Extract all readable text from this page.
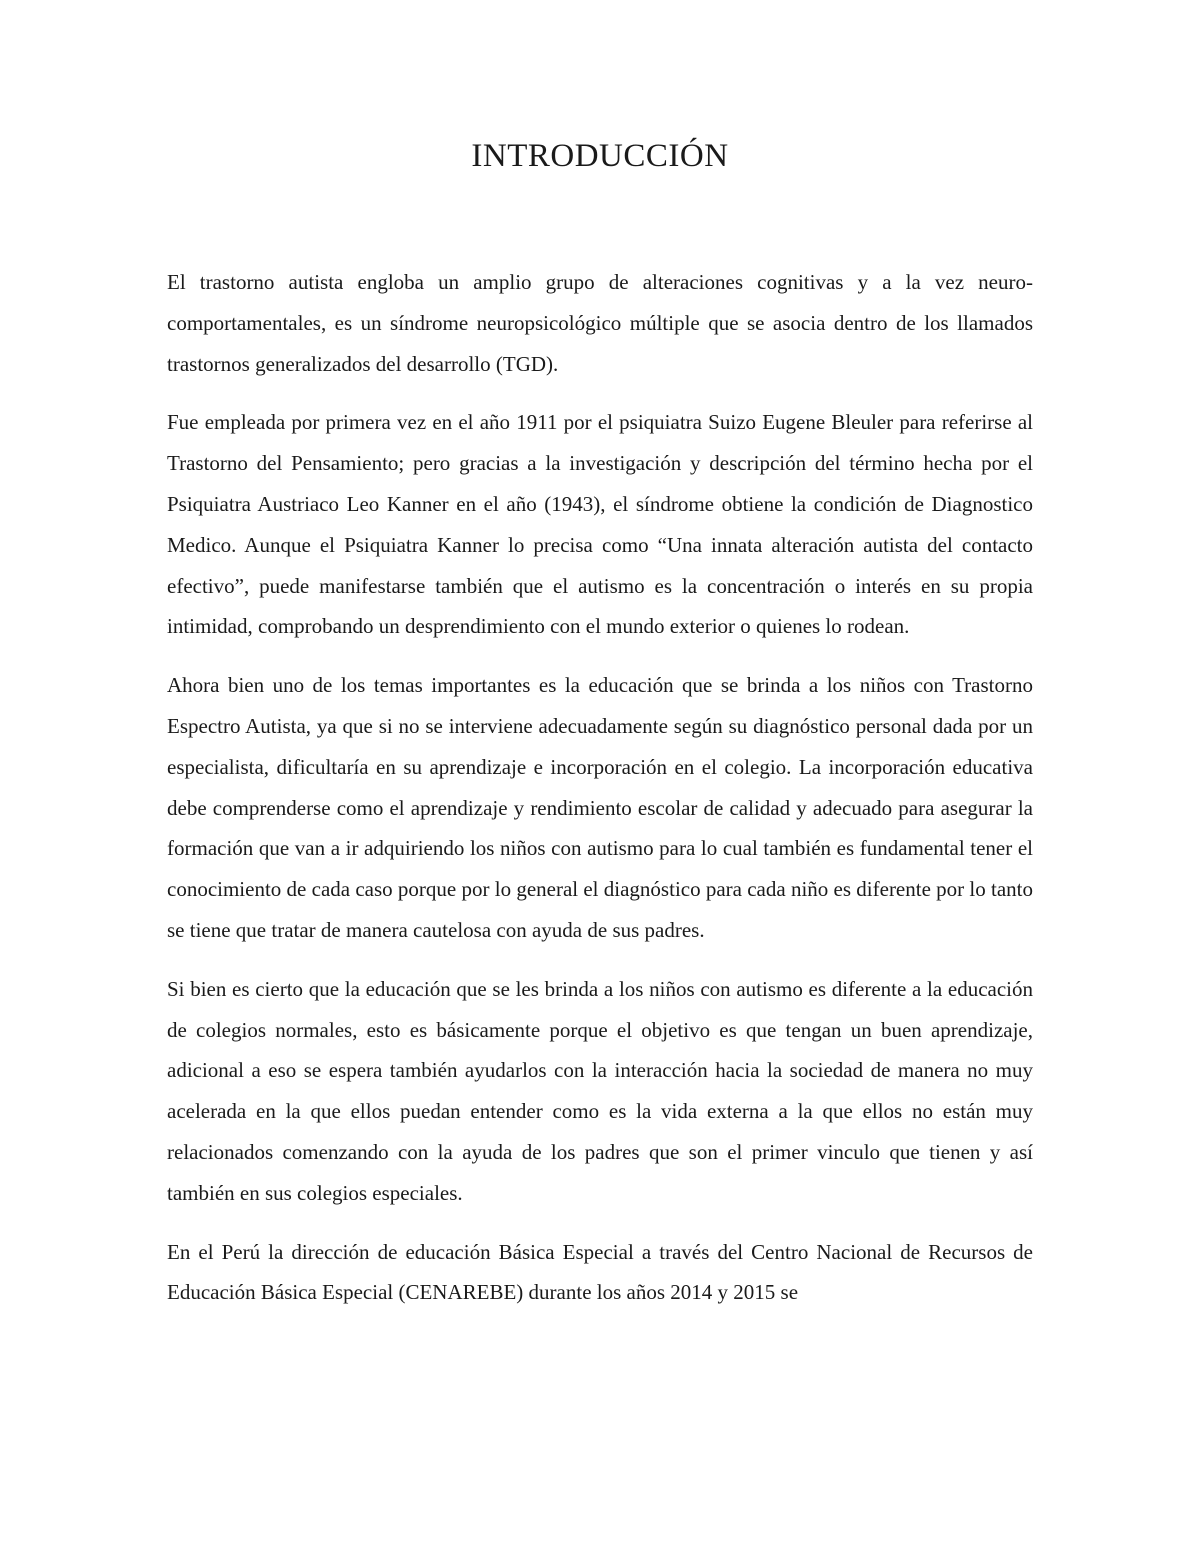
INTRODUCCIÓN

El trastorno autista engloba un amplio grupo de alteraciones cognitivas y a la vez neuro-comportamentales, es un síndrome neuropsicológico múltiple que se asocia dentro de los llamados trastornos generalizados del desarrollo (TGD).

Fue empleada por primera vez en el año 1911 por el psiquiatra Suizo Eugene Bleuler para referirse al Trastorno del Pensamiento; pero gracias a la investigación y descripción del término hecha por el Psiquiatra Austriaco Leo Kanner en el año (1943), el síndrome obtiene la condición de Diagnostico Medico. Aunque el Psiquiatra Kanner lo precisa como “Una innata alteración autista del contacto efectivo”, puede manifestarse también que el autismo es la concentración o interés en su propia intimidad, comprobando un desprendimiento con el mundo exterior o quienes lo rodean.

Ahora bien uno de los temas importantes es la educación que se brinda a los niños con Trastorno Espectro Autista, ya que si no se interviene adecuadamente según su diagnóstico personal dada por un especialista, dificultaría en su aprendizaje e incorporación en el colegio. La incorporación educativa debe comprenderse como el aprendizaje y rendimiento escolar de calidad y adecuado para asegurar la formación que van a ir adquiriendo los niños con autismo para lo cual también es fundamental tener el conocimiento de cada caso porque por lo general el diagnóstico para cada niño es diferente por lo tanto se tiene que tratar de manera cautelosa con ayuda de sus padres.

Si bien es cierto que la educación que se les brinda a los niños con autismo es diferente a la educación de colegios normales, esto es básicamente porque el objetivo es que tengan un buen aprendizaje, adicional a eso se espera también ayudarlos con la interacción hacia la sociedad de manera no muy acelerada en la que ellos puedan entender como es la vida externa a la que ellos no están muy relacionados comenzando con la ayuda de los padres que son el primer vinculo que tienen y así también en sus colegios especiales.

En el Perú la dirección de educación Básica Especial a través del Centro Nacional de Recursos de Educación Básica Especial (CENAREBE) durante los años 2014 y 2015 se
